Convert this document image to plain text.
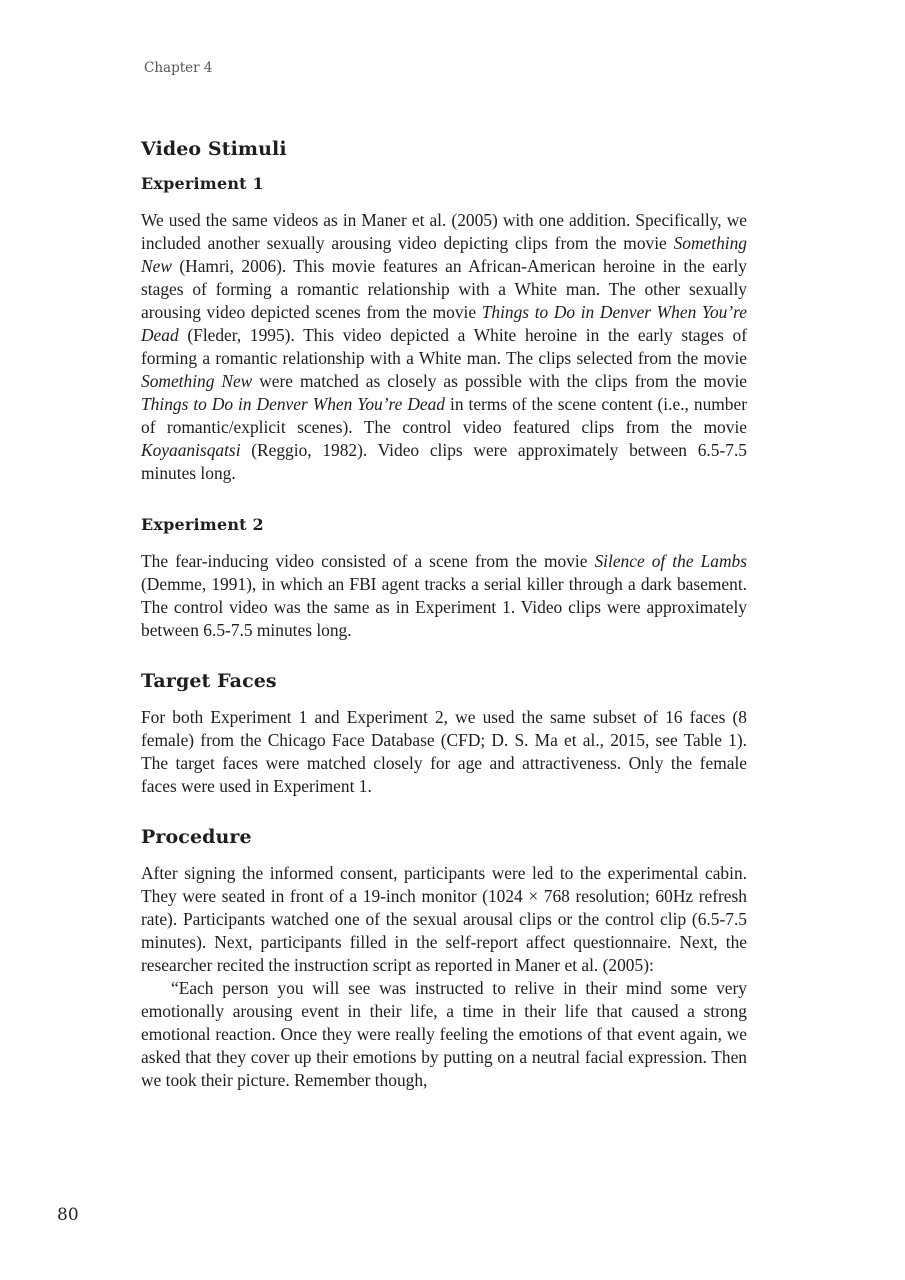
Chapter 4
Video Stimuli
Experiment 1

We used the same videos as in Maner et al. (2005) with one addition. Specifically, we included another sexually arousing video depicting clips from the movie Something New (Hamri, 2006). This movie features an African-American heroine in the early stages of forming a romantic relationship with a White man. The other sexually arousing video depicted scenes from the movie Things to Do in Denver When You’re Dead (Fleder, 1995). This video depicted a White heroine in the early stages of forming a romantic relationship with a White man. The clips selected from the movie Something New were matched as closely as possible with the clips from the movie Things to Do in Denver When You’re Dead in terms of the scene content (i.e., number of romantic/explicit scenes). The control video featured clips from the movie Koyaanisqatsi (Reggio, 1982). Video clips were approximately between 6.5-7.5 minutes long.

Experiment 2

The fear-inducing video consisted of a scene from the movie Silence of the Lambs (Demme, 1991), in which an FBI agent tracks a serial killer through a dark basement. The control video was the same as in Experiment 1. Video clips were approximately between 6.5-7.5 minutes long.

Target Faces

For both Experiment 1 and Experiment 2, we used the same subset of 16 faces (8 female) from the Chicago Face Database (CFD; D. S. Ma et al., 2015, see Table 1). The target faces were matched closely for age and attractiveness. Only the female faces were used in Experiment 1.

Procedure

After signing the informed consent, participants were led to the experimental cabin. They were seated in front of a 19-inch monitor (1024 × 768 resolution; 60Hz refresh rate). Participants watched one of the sexual arousal clips or the control clip (6.5-7.5 minutes). Next, participants filled in the self-report affect questionnaire. Next, the researcher recited the instruction script as reported in Maner et al. (2005):

“Each person you will see was instructed to relive in their mind some very emotionally arousing event in their life, a time in their life that caused a strong emotional reaction. Once they were really feeling the emotions of that event again, we asked that they cover up their emotions by putting on a neutral facial expression. Then we took their picture. Remember though,

80
